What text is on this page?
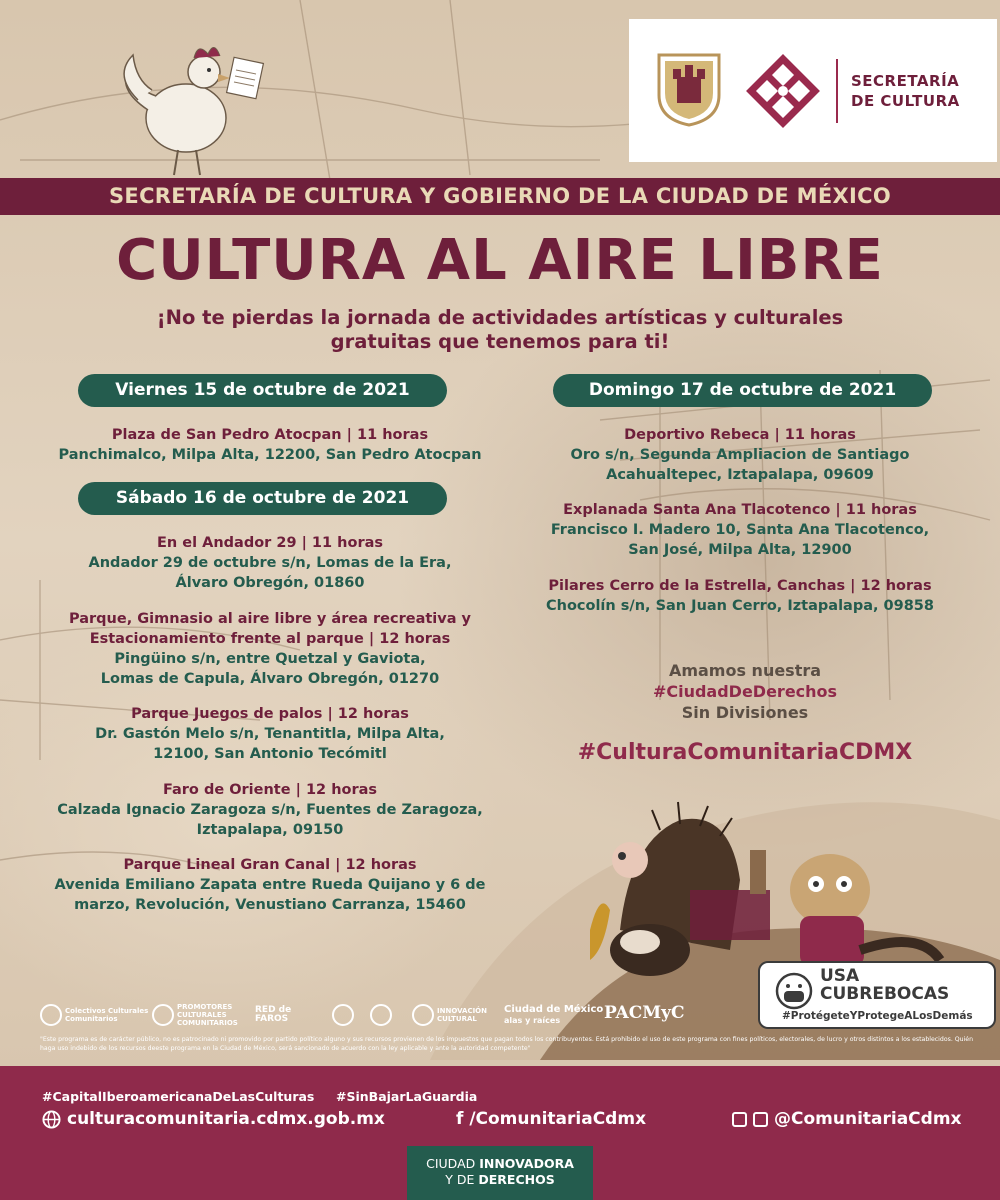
SECRETARÍA
DE CULTURA
SECRETARÍA DE CULTURA Y GOBIERNO DE LA CIUDAD DE MÉXICO
CULTURA AL AIRE LIBRE
¡No te pierdas la jornada de actividades artísticas y culturales
gratuitas que tenemos para ti!
Viernes 15 de octubre de 2021
Plaza de San Pedro Atocpan | 11 horas
Panchimalco, Milpa Alta, 12200, San Pedro Atocpan
Sábado 16 de octubre de 2021
En el Andador 29 | 11 horas
Andador 29 de octubre s/n, Lomas de la Era,
Álvaro Obregón, 01860
Parque, Gimnasio al aire libre y área recreativa y
Estacionamiento frente al parque | 12 horas
Pingüino s/n, entre Quetzal y Gaviota,
Lomas de Capula, Álvaro Obregón, 01270
Parque Juegos de palos | 12 horas
Dr. Gastón Melo s/n, Tenantitla, Milpa Alta,
12100, San Antonio Tecómitl
Faro de Oriente | 12 horas
Calzada Ignacio Zaragoza s/n, Fuentes de Zaragoza,
Iztapalapa, 09150
Parque Lineal Gran Canal | 12 horas
Avenida Emiliano Zapata entre Rueda Quijano y 6 de
marzo, Revolución, Venustiano Carranza, 15460
Domingo 17 de octubre de 2021
Deportivo Rebeca | 11 horas
Oro s/n, Segunda Ampliacion de Santiago
Acahualtepec, Iztapalapa, 09609
Explanada Santa Ana Tlacotenco | 11 horas
Francisco I. Madero 10, Santa Ana Tlacotenco,
San José, Milpa Alta, 12900
Pilares Cerro de la Estrella, Canchas | 12 horas
Chocolín s/n, San Juan Cerro, Iztapalapa, 09858
Amamos nuestra
#CiudadDeDerechos
Sin Divisiones
#CulturaComunitariaCDMX
USA
CUBREBOCAS
#ProtégeteYProtegeALosDemás
Colectivos Culturales Comunitarios
PROMOTORES CULTURALES COMUNITARIOS
RED de FAROS
INNOVACIÓN CULTURAL
Ciudad de México
alas y raíces	PACMyC
"Este programa es de carácter público, no es patrocinado ni promovido por partido político alguno y sus recursos provienen de los impuestos que pagan todos los contribuyentes. Está prohibido el uso de este programa con fines políticos, electorales, de lucro y otros distintos a los establecidos. Quién haga uso indebido de los recursos deeste programa en la Ciudad de México, será sancionado de acuerdo con la ley aplicable y ante la autoridad competente"
#CapitalIberoamericanaDeLasCulturas #SinBajarLaGuardia
culturacomunitaria.cdmx.gob.mx	f /ComunitariaCdmx	@ComunitariaCdmx
CIUDAD INNOVADORA
Y DE DERECHOS
